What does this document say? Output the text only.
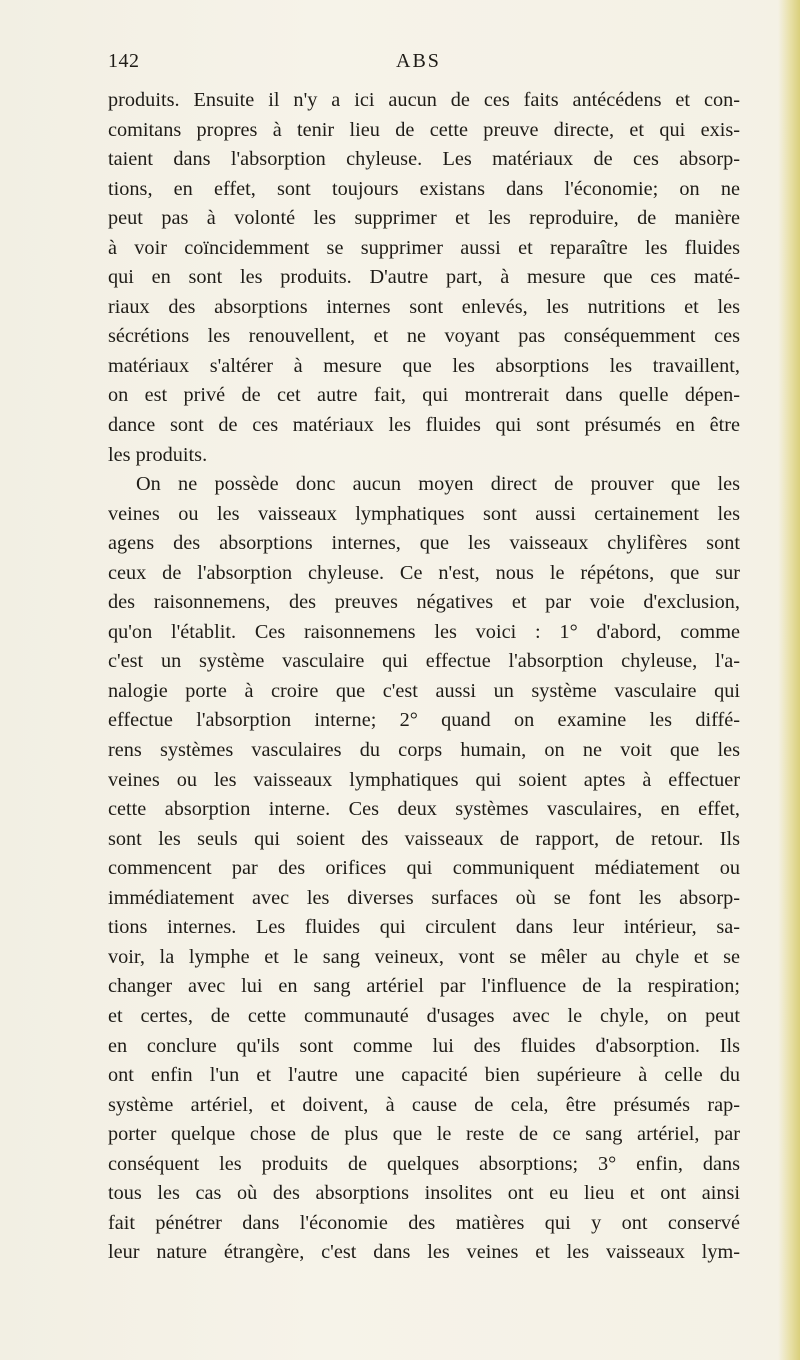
142	ABS
produits. Ensuite il n'y a ici aucun de ces faits antécédens et con-
comitans propres à tenir lieu de cette preuve directe, et qui exis-
taient dans l'absorption chyleuse. Les matériaux de ces absorp-
tions, en effet, sont toujours existans dans l'économie; on ne
peut pas à volonté les supprimer et les reproduire, de manière
à voir coïncidemment se supprimer aussi et reparaître les fluides
qui en sont les produits. D'autre part, à mesure que ces maté-
riaux des absorptions internes sont enlevés, les nutritions et les
sécrétions les renouvellent, et ne voyant pas conséquemment ces
matériaux s'altérer à mesure que les absorptions les travaillent,
on est privé de cet autre fait, qui montrerait dans quelle dépen-
dance sont de ces matériaux les fluides qui sont présumés en être
les produits.
On ne possède donc aucun moyen direct de prouver que les
veines ou les vaisseaux lymphatiques sont aussi certainement les
agens des absorptions internes, que les vaisseaux chylifères sont
ceux de l'absorption chyleuse. Ce n'est, nous le répétons, que sur
des raisonnemens, des preuves négatives et par voie d'exclusion,
qu'on l'établit. Ces raisonnemens les voici : 1° d'abord, comme
c'est un système vasculaire qui effectue l'absorption chyleuse, l'a-
nalogie porte à croire que c'est aussi un système vasculaire qui
effectue l'absorption interne; 2° quand on examine les diffé-
rens systèmes vasculaires du corps humain, on ne voit que les
veines ou les vaisseaux lymphatiques qui soient aptes à effectuer
cette absorption interne. Ces deux systèmes vasculaires, en effet,
sont les seuls qui soient des vaisseaux de rapport, de retour. Ils
commencent par des orifices qui communiquent médiatement ou
immédiatement avec les diverses surfaces où se font les absorp-
tions internes. Les fluides qui circulent dans leur intérieur, sa-
voir, la lymphe et le sang veineux, vont se mêler au chyle et se
changer avec lui en sang artériel par l'influence de la respiration;
et certes, de cette communauté d'usages avec le chyle, on peut
en conclure qu'ils sont comme lui des fluides d'absorption. Ils
ont enfin l'un et l'autre une capacité bien supérieure à celle du
système artériel, et doivent, à cause de cela, être présumés rap-
porter quelque chose de plus que le reste de ce sang artériel, par
conséquent les produits de quelques absorptions; 3° enfin, dans
tous les cas où des absorptions insolites ont eu lieu et ont ainsi
fait pénétrer dans l'économie des matières qui y ont conservé
leur nature étrangère, c'est dans les veines et les vaisseaux lym-
